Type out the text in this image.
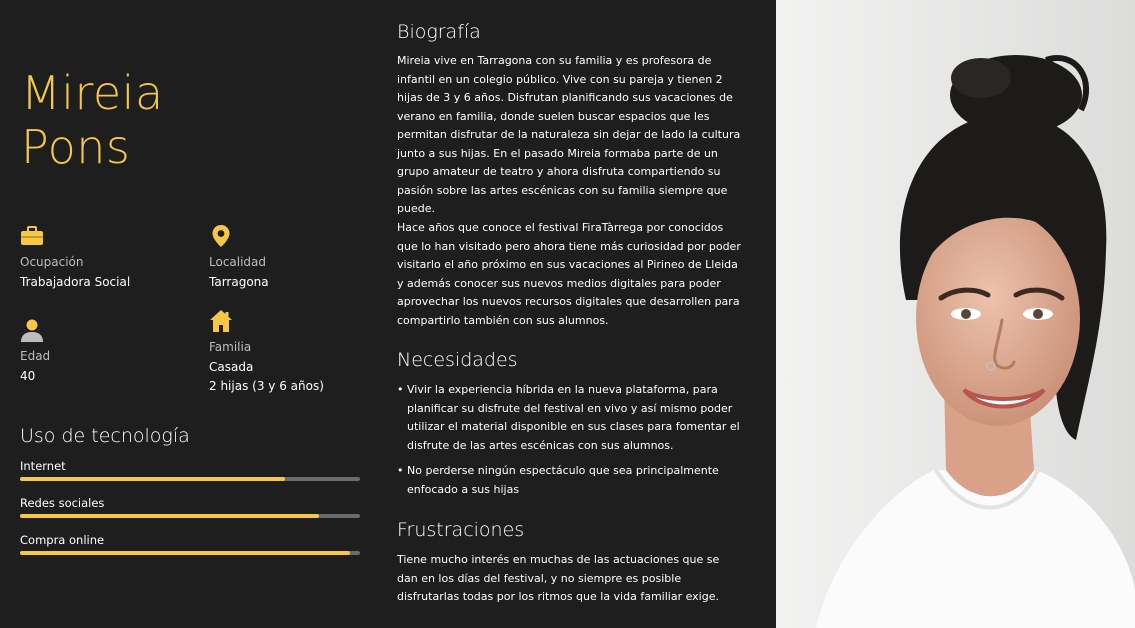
Mireia
Pons
Ocupación
Trabajadora Social
Localidad
Tarragona
Edad
40
Familia
Casada
2 hijas (3 y 6 años)
Uso de tecnología
Internet
Redes sociales
Compra online
Biografía

Mireia vive en Tarragona con su familia y es profesora de infantil en un colegio público. Vive con su pareja y tienen 2 hijas de 3 y 6 años. Disfrutan planificando sus vacaciones de verano en familia, donde suelen buscar espacios que les permitan disfrutar de la naturaleza sin dejar de lado la cultura junto a sus hijas. En el pasado Mireia formaba parte de un grupo amateur de teatro y ahora disfruta compartiendo su pasión sobre las artes escénicas con su familia siempre que puede.

Hace años que conoce el festival FiraTàrrega por conocidos que lo han visitado pero ahora tiene más curiosidad por poder visitarlo el año próximo en sus vacaciones al Pirineo de Lleida y además conocer sus nuevos medios digitales para poder aprovechar los nuevos recursos digitales que desarrollen para compartirlo también con sus alumnos.

Necesidades
• Vivir la experiencia híbrida en la nueva plataforma, para planificar su disfrute del festival en vivo y así mismo poder utilizar el material disponible en sus clases para fomentar el disfrute de las artes escénicas con sus alumnos.
• No perderse ningún espectáculo que sea principalmente enfocado a sus hijas
Frustraciones

Tiene mucho interés en muchas de las actuaciones que se dan en los días del festival, y no siempre es posible disfrutarlas todas por los ritmos que la vida familiar exige.
